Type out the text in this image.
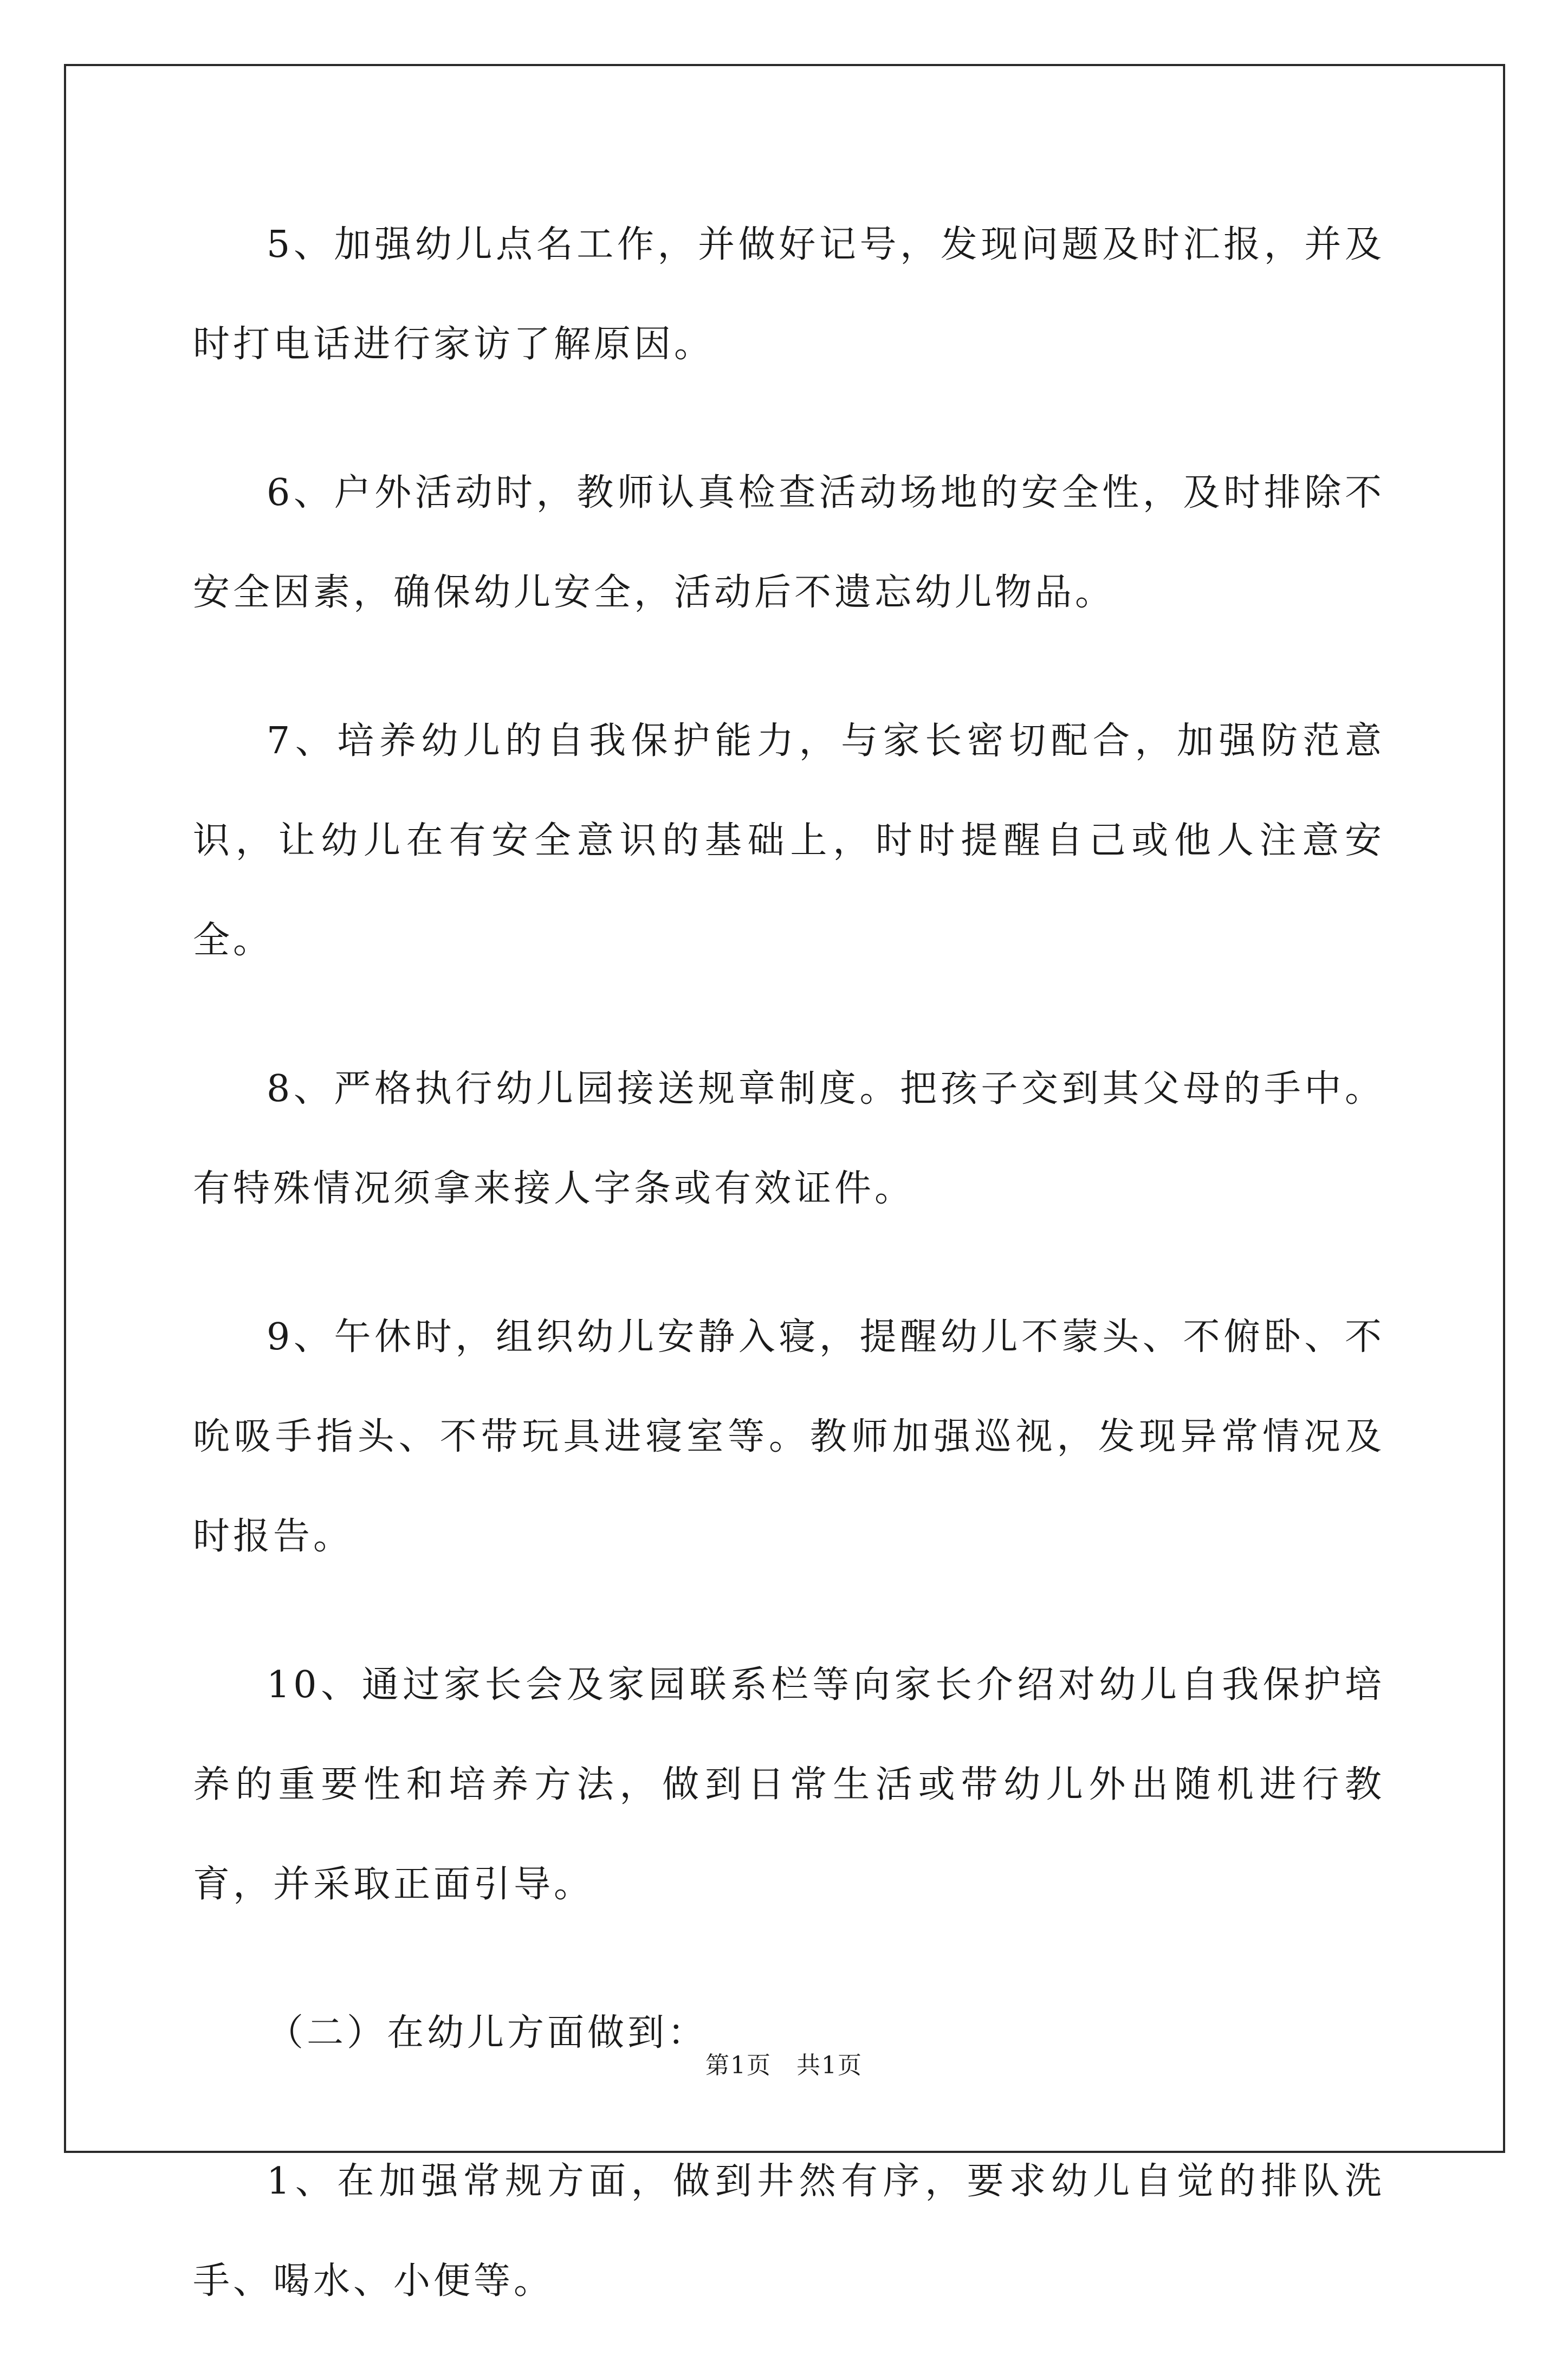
5、加强幼儿点名工作，并做好记号，发现问题及时汇报，并及时打电话进行家访了解原因。

6、户外活动时，教师认真检查活动场地的安全性，及时排除不安全因素，确保幼儿安全，活动后不遗忘幼儿物品。

7、培养幼儿的自我保护能力，与家长密切配合，加强防范意识，让幼儿在有安全意识的基础上，时时提醒自己或他人注意安全。

8、严格执行幼儿园接送规章制度。把孩子交到其父母的手中。有特殊情况须拿来接人字条或有效证件。

9、午休时，组织幼儿安静入寝，提醒幼儿不蒙头、不俯卧、不吮吸手指头、不带玩具进寝室等。教师加强巡视，发现异常情况及时报告。

10、通过家长会及家园联系栏等向家长介绍对幼儿自我保护培养的重要性和培养方法，做到日常生活或带幼儿外出随机进行教育，并采取正面引导。

（二）在幼儿方面做到：

1、在加强常规方面，做到井然有序，要求幼儿自觉的排队洗手、喝水、小便等。

第1页　共1页
